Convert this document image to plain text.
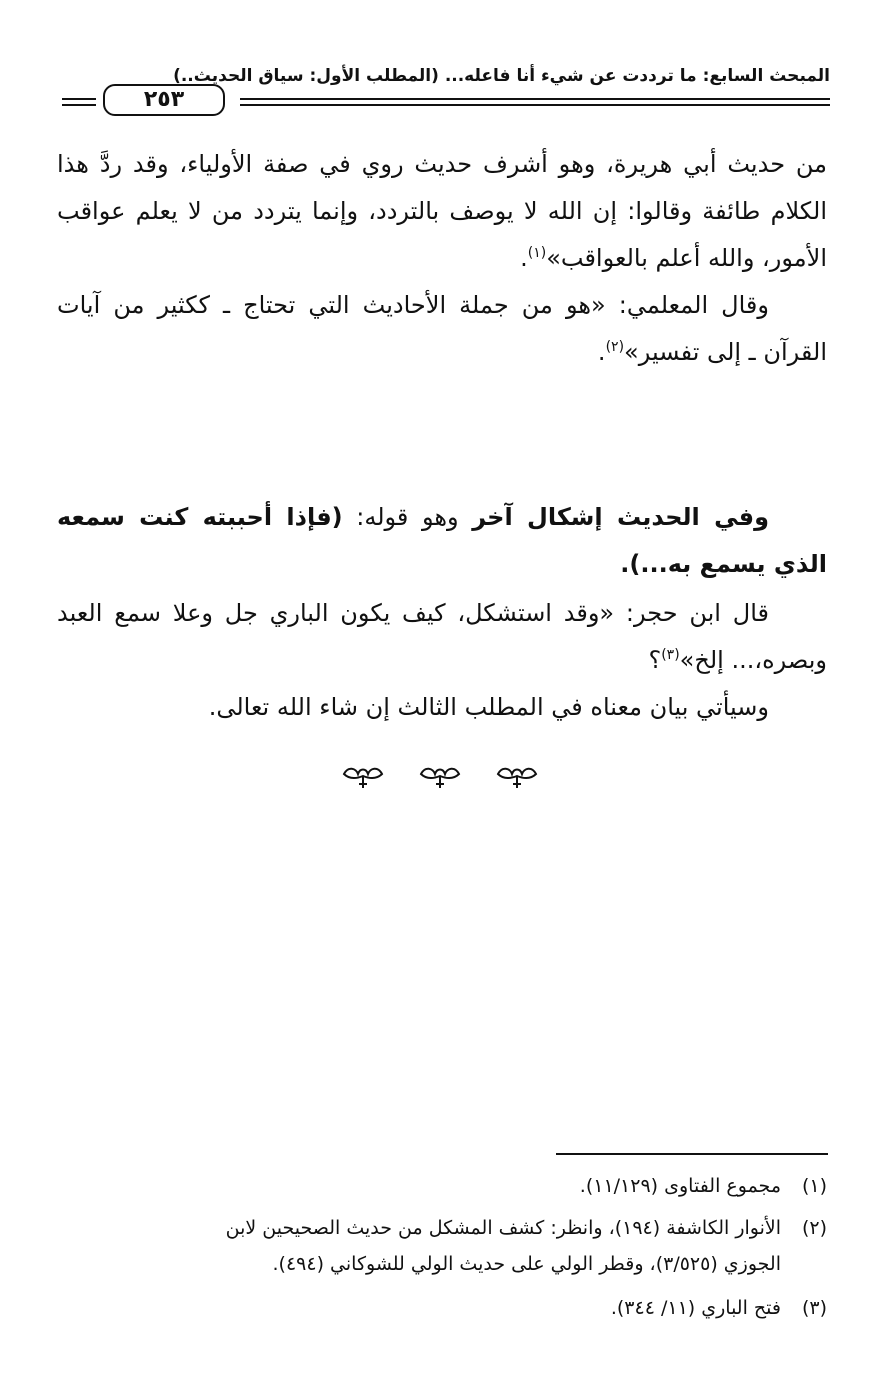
المبحث السابع: ما ترددت عن شيء أنا فاعله... (المطلب الأول: سياق الحديث..)
٢٥٣

من حديث أبي هريرة، وهو أشرف حديث روي في صفة الأولياء، وقد ردَّ هذا الكلام طائفة وقالوا: إن الله لا يوصف بالتردد، وإنما يتردد من لا يعلم عواقب الأمور، والله أعلم بالعواقب»$^{(١)}$.

وقال المعلمي: «هو من جملة الأحاديث التي تحتاج ـ ككثير من آيات القرآن ـ إلى تفسير»$^{(٢)}$.

وفي الحديث إشكال آخر وهو قوله: (فإذا أحببته كنت سمعه الذي يسمع به...).

قال ابن حجر: «وقد استشكل، كيف يكون الباري جل وعلا سمع العبد وبصره،... إلخ»$^{(٣)}$؟

وسيأتي بيان معناه في المطلب الثالث إن شاء الله تعالى.

(١)مجموع الفتاوى (١١/١٢٩).
(٢)الأنوار الكاشفة (١٩٤)، وانظر: كشف المشكل من حديث الصحيحين لابن
الجوزي (٣/٥٢٥)، وقطر الولي على حديث الولي للشوكاني (٤٩٤).
(٣)فتح الباري (١١/ ٣٤٤).
